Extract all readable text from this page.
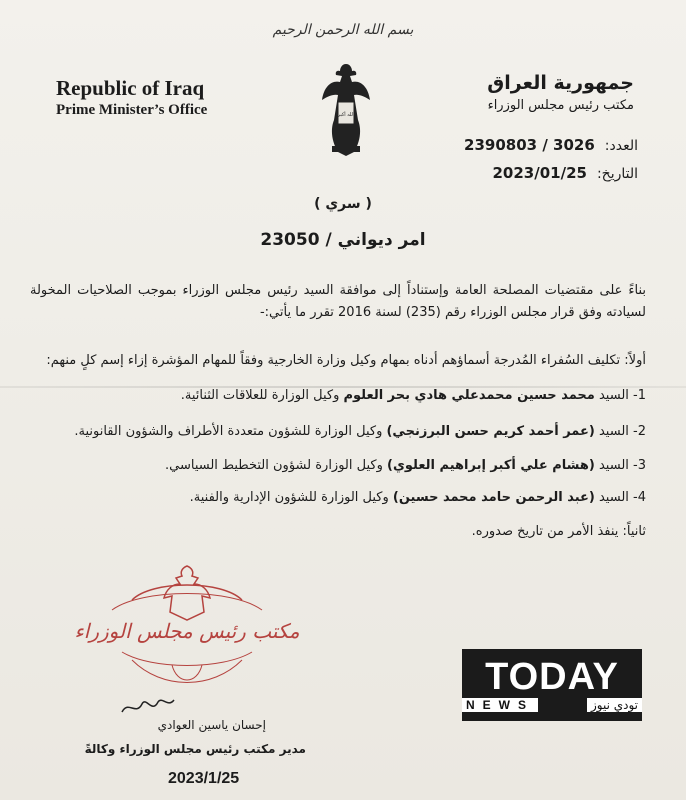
بسم الله الرحمن الرحيم
Republic of Iraq
Prime Minister’s Office	الله أكبر
جمهورية العراق
مكتب رئيس مجلس الوزراء
العدد:
2390803 / 3026
التاريخ:
2023/01/25
( سري )
امر ديواني / 23050
بناءً على مقتضيات المصلحة العامة وإستناداً إلى موافقة السيد رئيس مجلس الوزراء بموجب الصلاحيات المخولة لسيادته وفق قرار مجلس الوزراء رقم (235) لسنة 2016 تقرر ما يأتي:-
أولاً: تكليف السُفراء المُدرجة أسماؤهم أدناه بمهام وكيل وزارة الخارجية وفقاً للمهام المؤشرة إزاء إسم كلٍ منهم:
1- السيد محمد حسين محمدعلي هادي بحر العلوم وكيل الوزارة للعلاقات الثنائية.
2- السيد (عمر أحمد كريم حسن البرزنجي) وكيل الوزارة للشؤون متعددة الأطراف والشؤون القانونية.
3- السيد (هشام علي أكبر إبراهيم العلوي) وكيل الوزارة لشؤون التخطيط السياسي.
4- السيد (عبد الرحمن حامد محمد حسين) وكيل الوزارة للشؤون الإدارية والفنية.
ثانياً: ينفذ الأمر من تاريخ صدوره.
مكتب رئيس مجلس الوزراء
إحسان ياسين العوادي
مدير مكتب رئيس مجلس الوزراء وكالةً
2023/1/25
TODAY
NEWS	تودي نيوز
